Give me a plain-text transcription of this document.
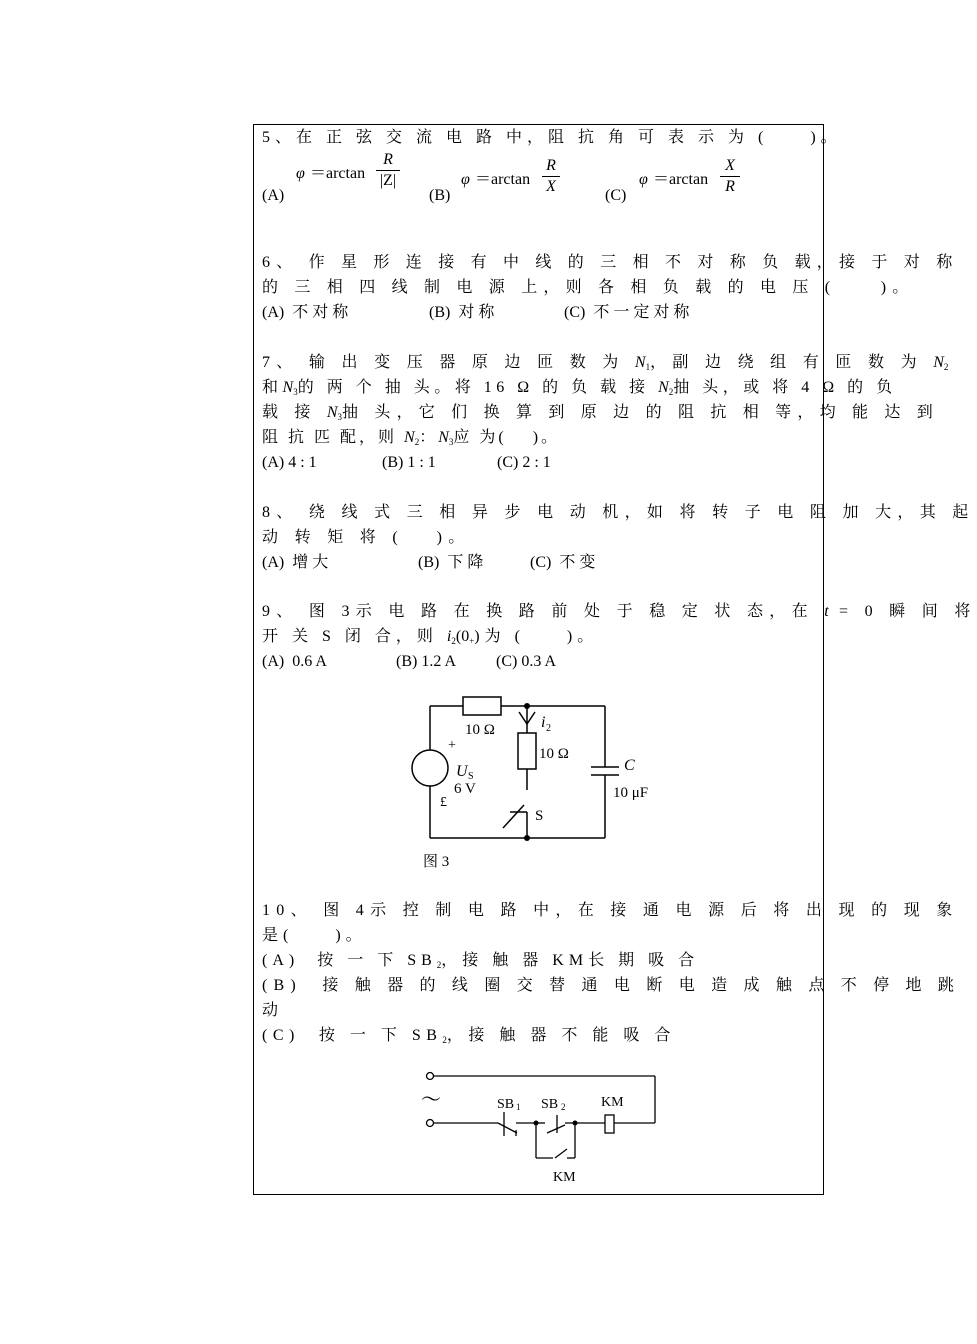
5、在 正 弦 交 流 电 路 中，阻 抗 角 可 表 示 为 (　　)。
(A)
φ ＝arctan
R
|Z|
(B)
φ ＝arctan
R
X
(C)
φ ＝arctan
X
R
6、 作 星 形 连 接 有 中 线 的 三 相 不 对 称 负 载，接 于 对 称
的 三 相 四 线 制 电 源 上，则 各 相 负 载 的 电 压 (　　)。
(A)  不 对 称	(B)  对 称	(C)  不 一 定 对 称
7、 输 出 变 压 器 原 边 匝 数 为 $N_1$，副 边 绕 组 有 匝 数 为 $N_2$
和$N_3$的 两 个 抽 头。将 16 Ω 的 负 载 接 $N_2$抽 头，或 将 4 Ω 的 负
载 接 $N_3$抽 头，它 们 换 算 到 原 边 的 阻 抗 相 等，均 能 达 到
阻 抗 匹 配，则 $N_2$：$N_3$应 为(　 )。
(A) 4 : 1	(B) 1 : 1	(C) 2 : 1
8、 绕 线 式 三 相 异 步 电 动 机，如 将 转 子 电 阻 加 大，其 起
动 转 矩 将 (　 )。
(A)  增 大	(B)  下 降	(C)  不 变
9、 图 3示 电 路 在 换 路 前 处 于 稳 定 状 态，在 t = 0 瞬 间 将
开 关 S 闭 合，则 $i_2(0_+)$为 (　　)。
(A)  0.6 A	(B) 1.2 A	(C) 0.3 A
10 Ω	i 2
10 Ω
+
U S
6 V
£
S
C
10 μF
图 3
10、 图 4示 控 制 电 路 中，在 接 通 电 源 后 将 出 现 的 现 象
是(　　)。
(A)  按 一 下 $SB_2$，接 触 器 KM长 期 吸 合
(B)  接 触 器 的 线 圈 交 替 通 电 断 电 造 成 触 点 不 停 地 跳
动
(C)  按 一 下 $SB_2$，接 触 器 不 能 吸 合
～	SB 1 SB 2	KM
KM
